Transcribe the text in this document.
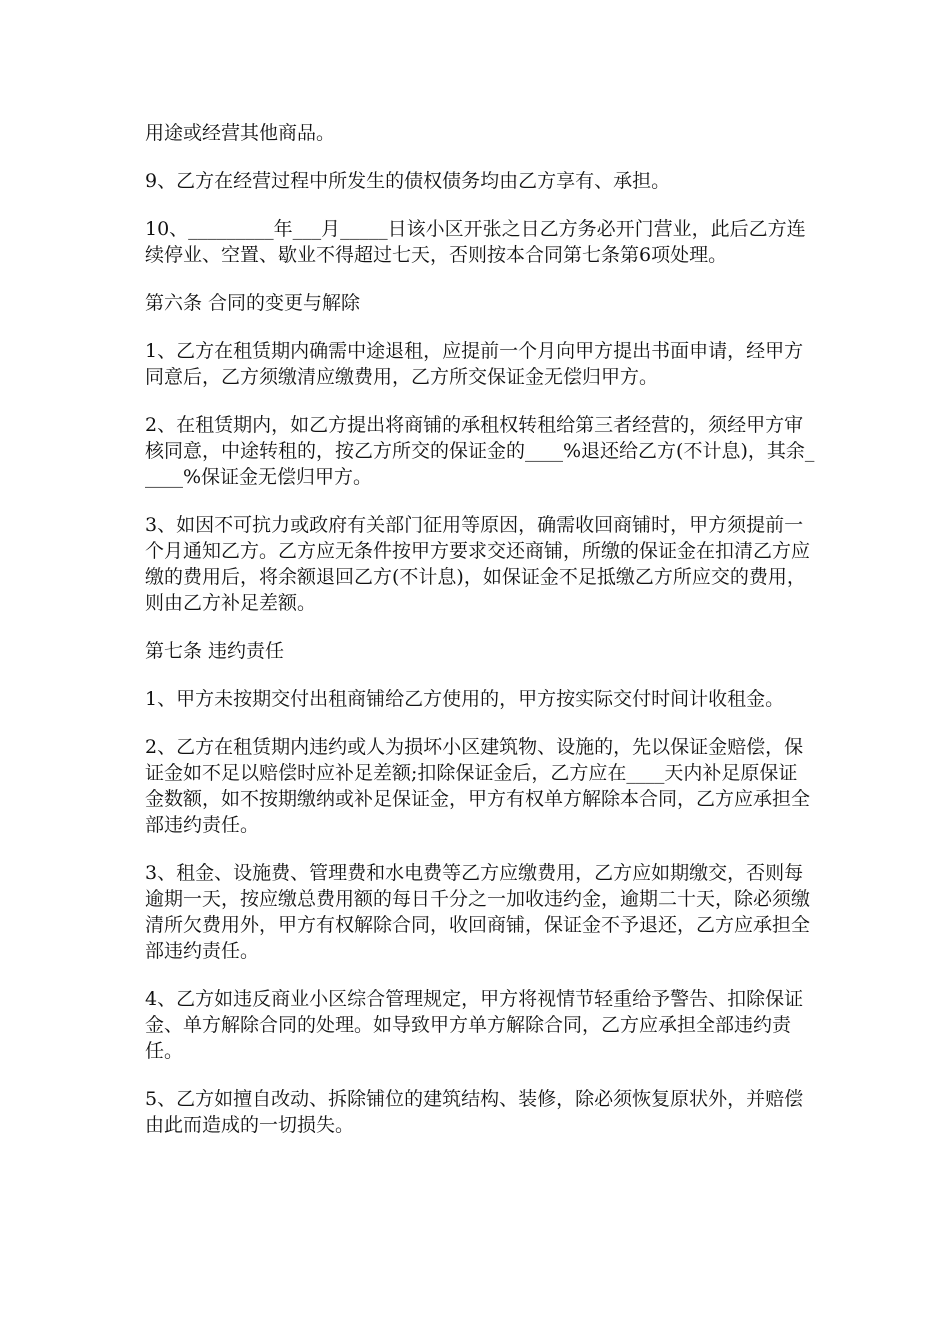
用途或经营其他商品。

9、乙方在经营过程中所发生的债权债务均由乙方享有、承担。

10、_________年___月_____日该小区开张之日乙方务必开门营业，此后乙方连续停业、空置、歇业不得超过七天，否则按本合同第七条第6项处理。

第六条 合同的变更与解除

1、乙方在租赁期内确需中途退租，应提前一个月向甲方提出书面申请，经甲方同意后，乙方须缴清应缴费用，乙方所交保证金无偿归甲方。

2、在租赁期内，如乙方提出将商铺的承租权转租给第三者经营的，须经甲方审核同意，中途转租的，按乙方所交的保证金的____%退还给乙方(不计息)，其余_____%保证金无偿归甲方。

3、如因不可抗力或政府有关部门征用等原因，确需收回商铺时，甲方须提前一个月通知乙方。乙方应无条件按甲方要求交还商铺，所缴的保证金在扣清乙方应缴的费用后，将余额退回乙方(不计息)，如保证金不足抵缴乙方所应交的费用，则由乙方补足差额。

第七条 违约责任

1、甲方未按期交付出租商铺给乙方使用的，甲方按实际交付时间计收租金。

2、乙方在租赁期内违约或人为损坏小区建筑物、设施的，先以保证金赔偿，保证金如不足以赔偿时应补足差额;扣除保证金后，乙方应在____天内补足原保证金数额，如不按期缴纳或补足保证金，甲方有权单方解除本合同，乙方应承担全部违约责任。

3、租金、设施费、管理费和水电费等乙方应缴费用，乙方应如期缴交，否则每逾期一天，按应缴总费用额的每日千分之一加收违约金，逾期二十天，除必须缴清所欠费用外，甲方有权解除合同，收回商铺，保证金不予退还，乙方应承担全部违约责任。

4、乙方如违反商业小区综合管理规定，甲方将视情节轻重给予警告、扣除保证金、单方解除合同的处理。如导致甲方单方解除合同，乙方应承担全部违约责任。

5、乙方如擅自改动、拆除铺位的建筑结构、装修，除必须恢复原状外，并赔偿由此而造成的一切损失。
